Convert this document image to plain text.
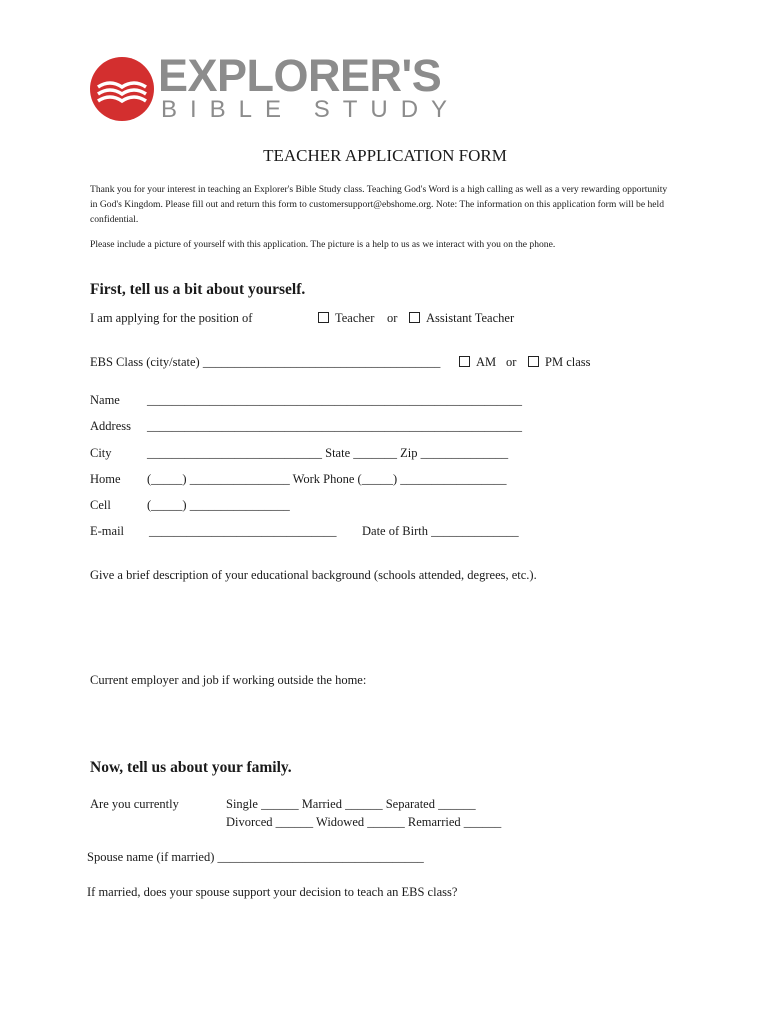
EXPLORER'S
BIBLE STUDY
TEACHER APPLICATION FORM
Thank you for your interest in teaching an Explorer's Bible Study class. Teaching God's Word is a high calling as well as a very rewarding opportunity in God's Kingdom. Please fill out and return this form to customersupport@ebshome.org. Note: The information on this application form will be held confidential.
Please include a picture of yourself with this application. The picture is a help to us as we interact with you on the phone.
First, tell us a bit about yourself.
I am applying for the position of	Teacher or	Assistant Teacher
EBS Class (city/state) ______________________________________	AM or	PM class
Name ____________________________________________________________
Address ____________________________________________________________
City	____________________________ State _______ Zip ______________
Home (_____) ________________ Work Phone (_____) _________________
Cell	(_____) ________________
E-mail ______________________________ Date of Birth ______________
Give a brief description of your educational background (schools attended, degrees, etc.).
Current employer and job if working outside the home:
Now, tell us about your family.
Are you currently	Single ______ Married ______ Separated ______
Divorced ______ Widowed ______ Remarried ______
Spouse name (if married) _________________________________
If married, does your spouse support your decision to teach an EBS class?
